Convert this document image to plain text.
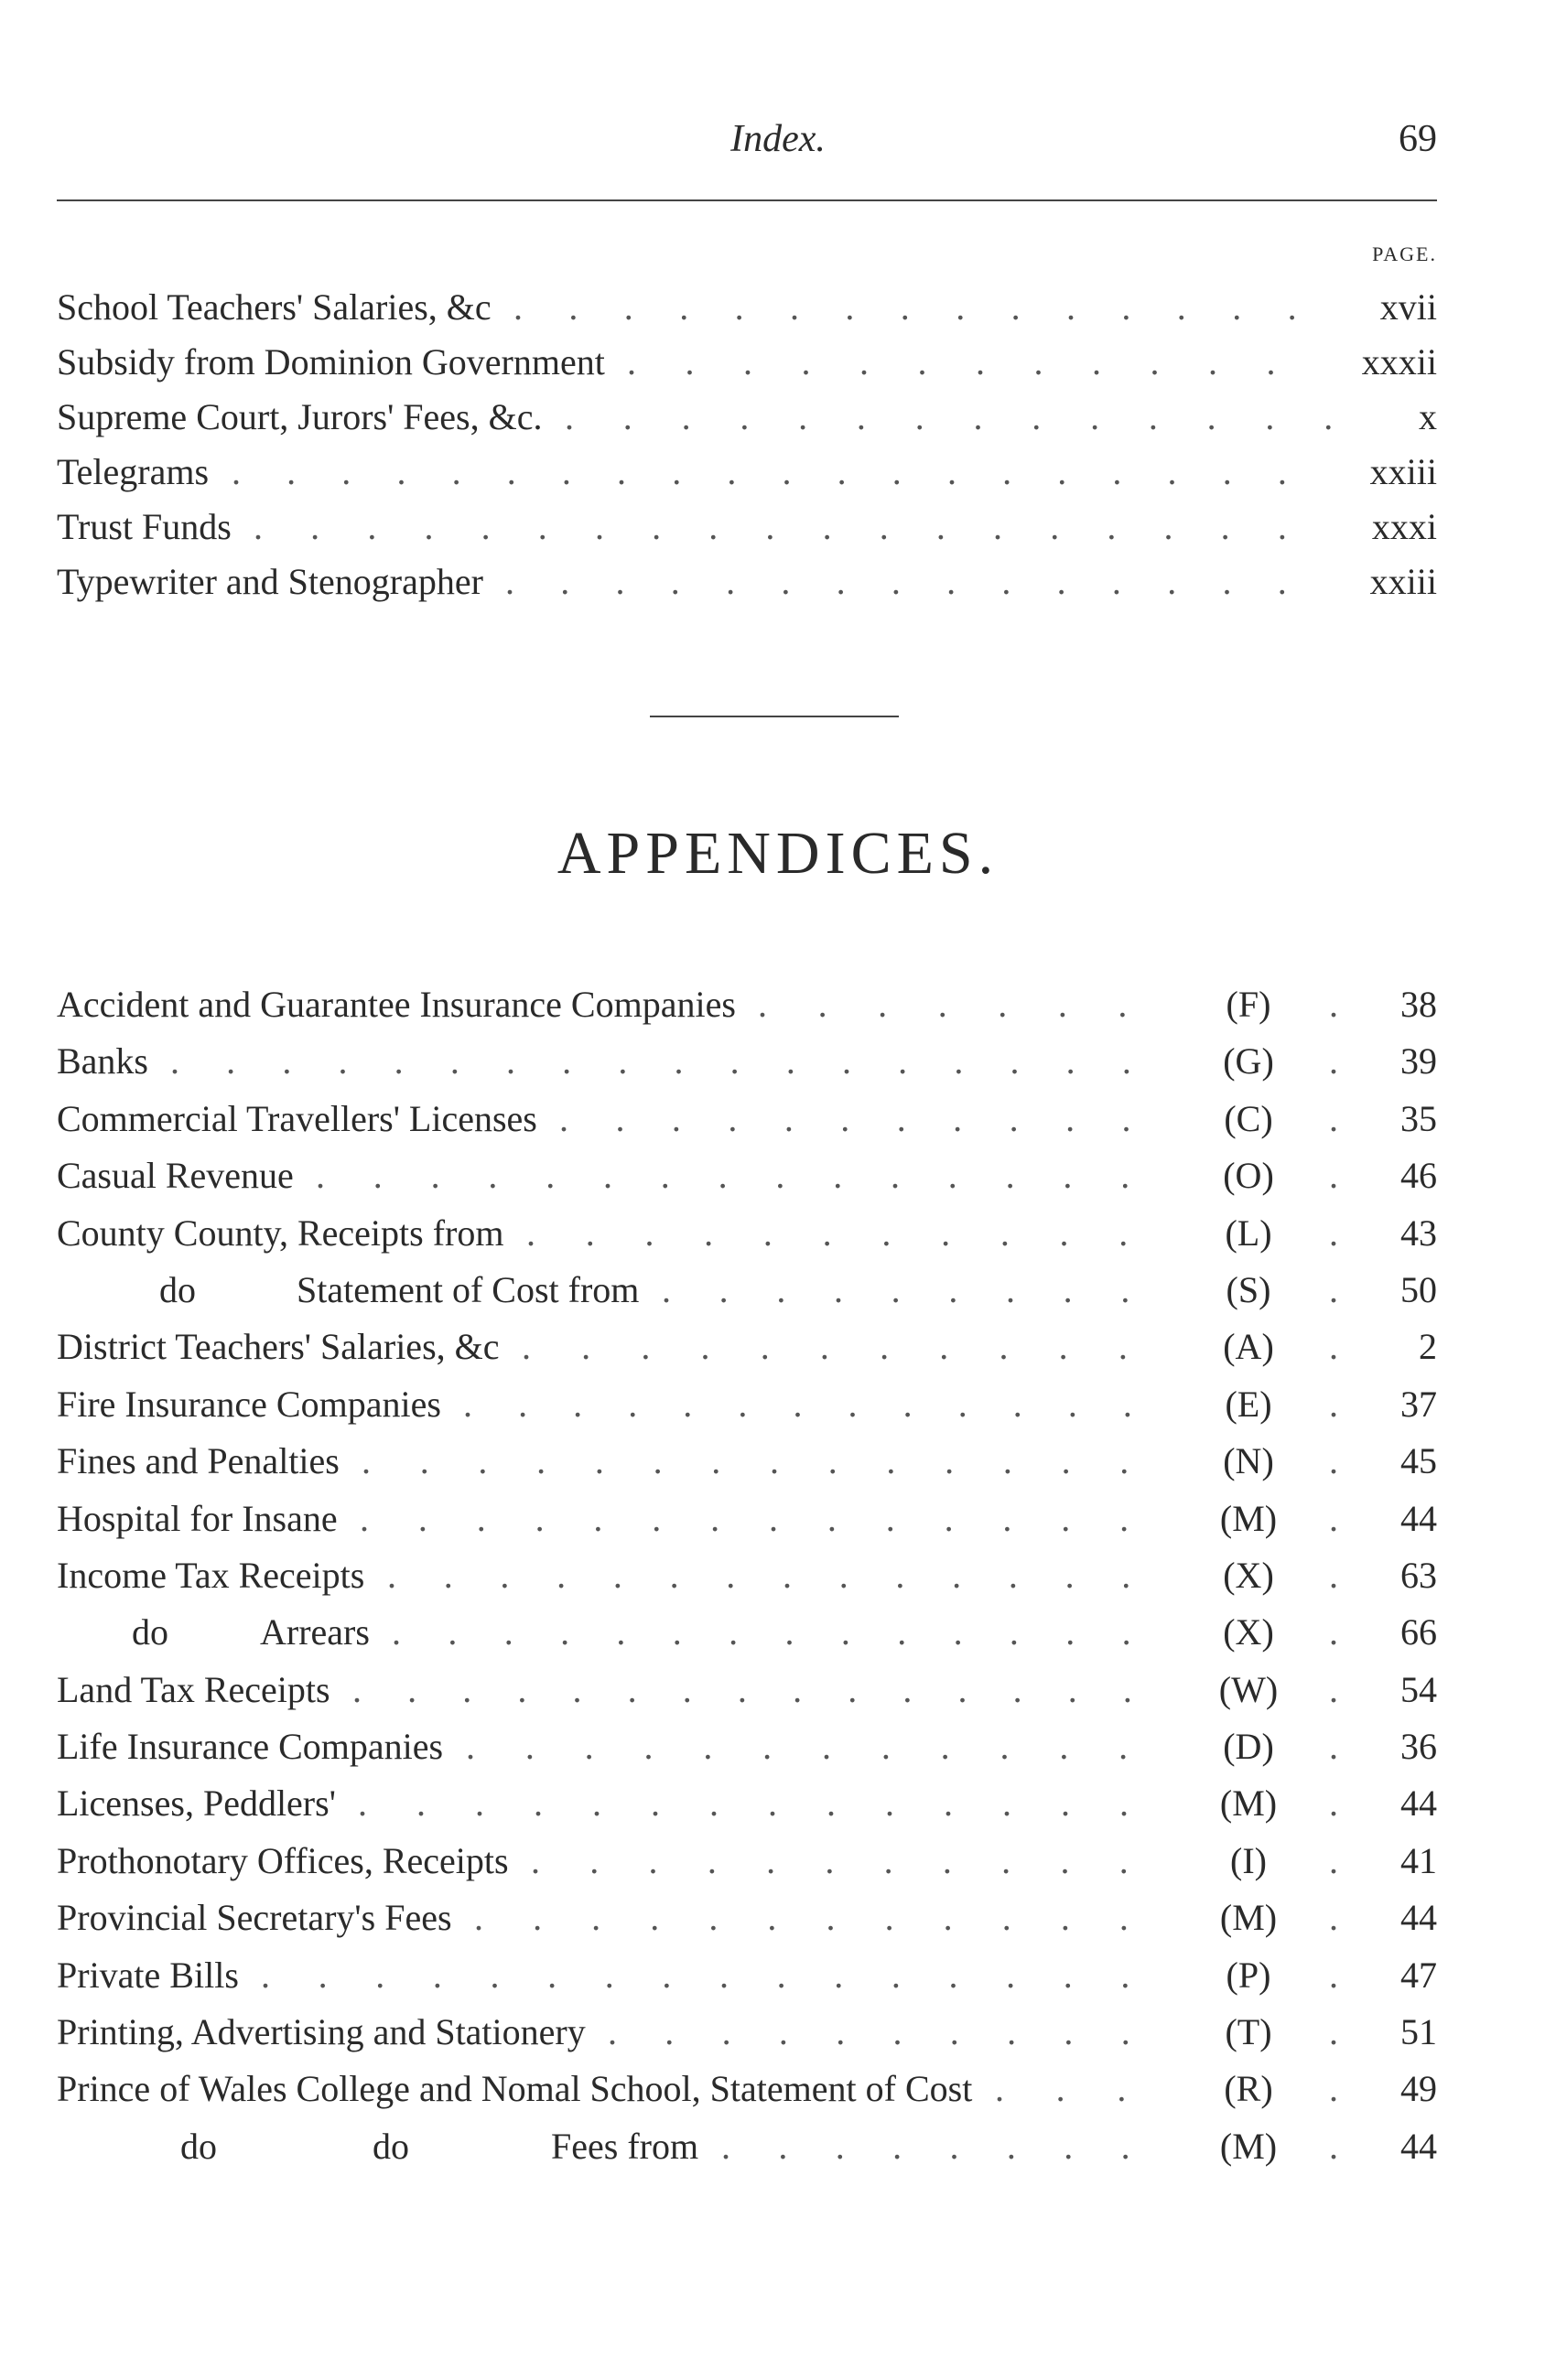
Index.	69
PAGE.
School Teachers' Salaries, &c ............... xvii
Subsidy from Dominion Government ............ xxxii
Supreme Court, Jurors' Fees, &c. .............. x
Telegrams .................... xxiii
Trust Funds ................... xxxi
Typewriter and Stenographer ............... xxiii
APPENDICES.
Accident and Guarantee Insurance Companies .......	(F)	. 38
Banks ..................	(G)	. 39
Commercial Travellers' Licenses ...........	(C)	. 35
Casual Revenue ...............	(O)	. 46
County County, Receipts from ...........	(L)	. 43
do	Statement of Cost from .........	(S)	. 50
District Teachers' Salaries, &c ...........	(A)	. 2
Fire Insurance Companies .............	(E)	. 37
Fines and Penalties ..............	(N)	. 45
Hospital for Insane ..............	(M)	. 44
Income Tax Receipts ..............	(X)	. 63
do	Arrears ..............	(X)	. 66
Land Tax Receipts ...............	(W)	. 54
Life Insurance Companies ............	(D)	. 36
Licenses, Peddlers' ..............	(M)	. 44
Prothonotary Offices, Receipts ...........	(I)	. 41
Provincial Secretary's Fees ............	(M)	. 44
Private Bills ................	(P)	. 47
Printing, Advertising and Stationery ..........	(T)	. 51
Prince of Wales College and Nomal School, Statement of Cost ...	(R)	. 49
do	do	Fees from ........	(M)	. 44
